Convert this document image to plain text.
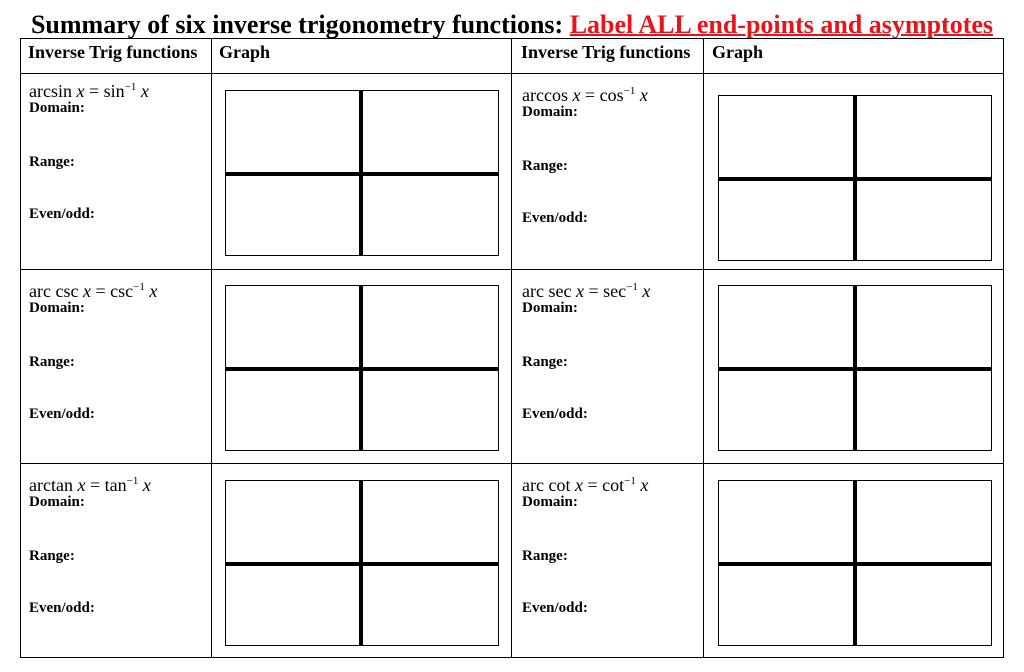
Summary of six inverse trigonometry functions: Label ALL end-points and asymptotes
Inverse Trig functions Graph	Inverse Trig functions Graph
$\arcsin x = \sin^{-1} x$
Domain:
Range:
Even/odd:
$\arccos x = \cos^{-1} x$
Domain:
Range:
Even/odd:
arc $\csc x = \csc^{-1} x$
Domain:
Range:
Even/odd:
arc $\sec x = \sec^{-1} x$
Domain:
Range:
Even/odd:
$\arctan x = \tan^{-1} x$
Domain:
Range:
Even/odd:
arc $\cot x = \cot^{-1} x$
Domain:
Range:
Even/odd:
